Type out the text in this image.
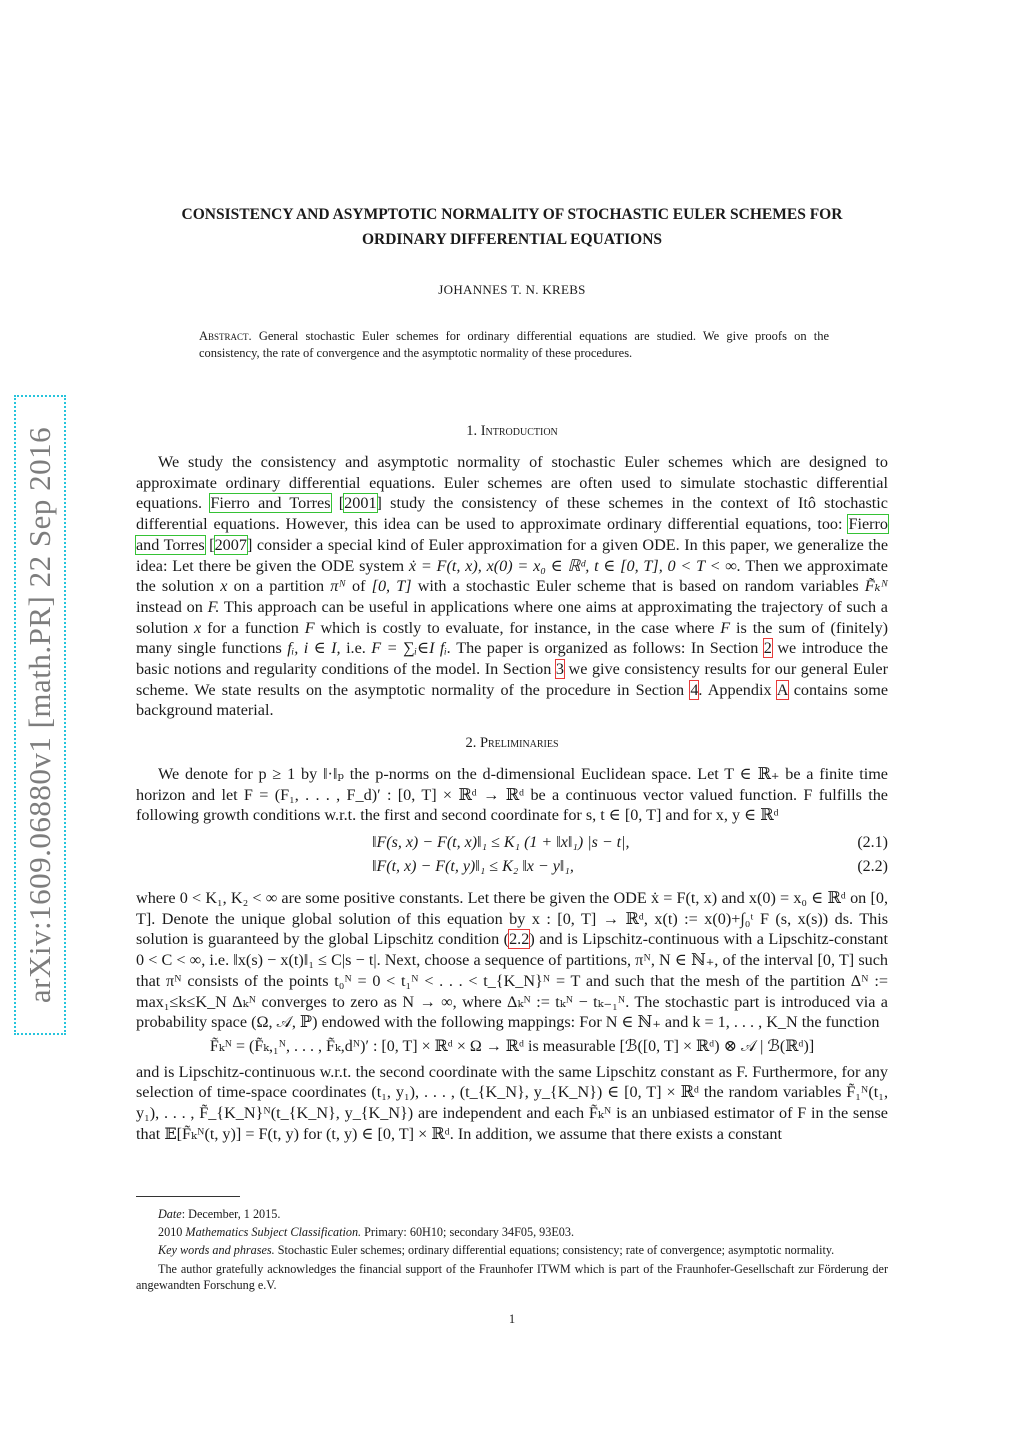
arXiv:1609.06880v1 [math.PR] 22 Sep 2016
CONSISTENCY AND ASYMPTOTIC NORMALITY OF STOCHASTIC EULER SCHEMES FOR
ORDINARY DIFFERENTIAL EQUATIONS
JOHANNES T. N. KREBS
Abstract. General stochastic Euler schemes for ordinary differential equations are studied. We give proofs on the consistency, the rate of convergence and the asymptotic normality of these procedures.
1. Introduction

We study the consistency and asymptotic normality of stochastic Euler schemes which are designed to approximate ordinary differential equations. Euler schemes are often used to simulate stochastic differential equations. Fierro and Torres [2001] study the consistency of these schemes in the context of Itô stochastic differential equations. However, this idea can be used to approximate ordinary differential equations, too: Fierro and Torres [2007] consider a special kind of Euler approximation for a given ODE. In this paper, we generalize the idea: Let there be given the ODE system ẋ = F(t, x), x(0) = x₀ ∈ ℝᵈ, t ∈ [0, T], 0 < T < ∞. Then we approximate the solution x on a partition πᴺ of [0, T] with a stochastic Euler scheme that is based on random variables F̃ₖᴺ instead on F. This approach can be useful in applications where one aims at approximating the trajectory of such a solution x for a function F which is costly to evaluate, for instance, in the case where F is the sum of (finitely) many single functions fᵢ, i ∈ I, i.e. F = ∑ᵢ∈I fᵢ. The paper is organized as follows: In Section 2 we introduce the basic notions and regularity conditions of the model. In Section 3 we give consistency results for our general Euler scheme. We state results on the asymptotic normality of the procedure in Section 4. Appendix A contains some background material.

2. Preliminaries

We denote for p ≥ 1 by ‖·‖ₚ the p-norms on the d-dimensional Euclidean space. Let T ∈ ℝ₊ be a finite time horizon and let F = (F₁, . . . , F_d)′ : [0, T] × ℝᵈ → ℝᵈ be a continuous vector valued function. F fulfills the following growth conditions w.r.t. the first and second coordinate for s, t ∈ [0, T] and for x, y ∈ ℝᵈ

‖F(s, x) − F(t, x)‖₁ ≤ K₁ (1 + ‖x‖₁) |s − t|,	(2.1)
‖F(t, x) − F(t, y)‖₁ ≤ K₂ ‖x − y‖₁,	(2.2)
where 0 < K₁, K₂ < ∞ are some positive constants. Let there be given the ODE ẋ = F(t, x) and x(0) = x₀ ∈ ℝᵈ on [0, T]. Denote the unique global solution of this equation by x : [0, T] → ℝᵈ, x(t) := x(0)+∫₀ᵗ F (s, x(s)) ds. This solution is guaranteed by the global Lipschitz condition (2.2) and is Lipschitz-continuous with a Lipschitz-constant 0 < C < ∞, i.e. ‖x(s) − x(t)‖₁ ≤ C|s − t|. Next, choose a sequence of partitions, πᴺ, N ∈ ℕ₊, of the interval [0, T] such that πᴺ consists of the points t₀ᴺ = 0 < t₁ᴺ < . . . < t_{K_N}ᴺ = T and such that the mesh of the partition Δᴺ := max₁≤k≤K_N Δₖᴺ converges to zero as N → ∞, where Δₖᴺ := tₖᴺ − tₖ₋₁ᴺ. The stochastic part is introduced via a probability space (Ω, 𝒜, ℙ) endowed with the following mappings: For N ∈ ℕ₊ and k = 1, . . . , K_N the function
F̃ₖᴺ = (F̃ₖ,₁ᴺ, . . . , F̃ₖ,dᴺ)′ : [0, T] × ℝᵈ × Ω → ℝᵈ is measurable [ℬ([0, T] × ℝᵈ) ⊗ 𝒜 | ℬ(ℝᵈ)]
and is Lipschitz-continuous w.r.t. the second coordinate with the same Lipschitz constant as F. Furthermore, for any selection of time-space coordinates (t₁, y₁), . . . , (t_{K_N}, y_{K_N}) ∈ [0, T] × ℝᵈ the random variables F̃₁ᴺ(t₁, y₁), . . . , F̃_{K_N}ᴺ(t_{K_N}, y_{K_N}) are independent and each F̃ₖᴺ is an unbiased estimator of F in the sense that 𝔼[F̃ₖᴺ(t, y)] = F(t, y) for (t, y) ∈ [0, T] × ℝᵈ. In addition, we assume that there exists a constant

Date: December, 1 2015.

2010 Mathematics Subject Classification. Primary: 60H10; secondary 34F05, 93E03.

Key words and phrases. Stochastic Euler schemes; ordinary differential equations; consistency; rate of convergence; asymptotic normality.

The author gratefully acknowledges the financial support of the Fraunhofer ITWM which is part of the Fraunhofer-Gesellschaft zur Förderung der angewandten Forschung e.V.

1
